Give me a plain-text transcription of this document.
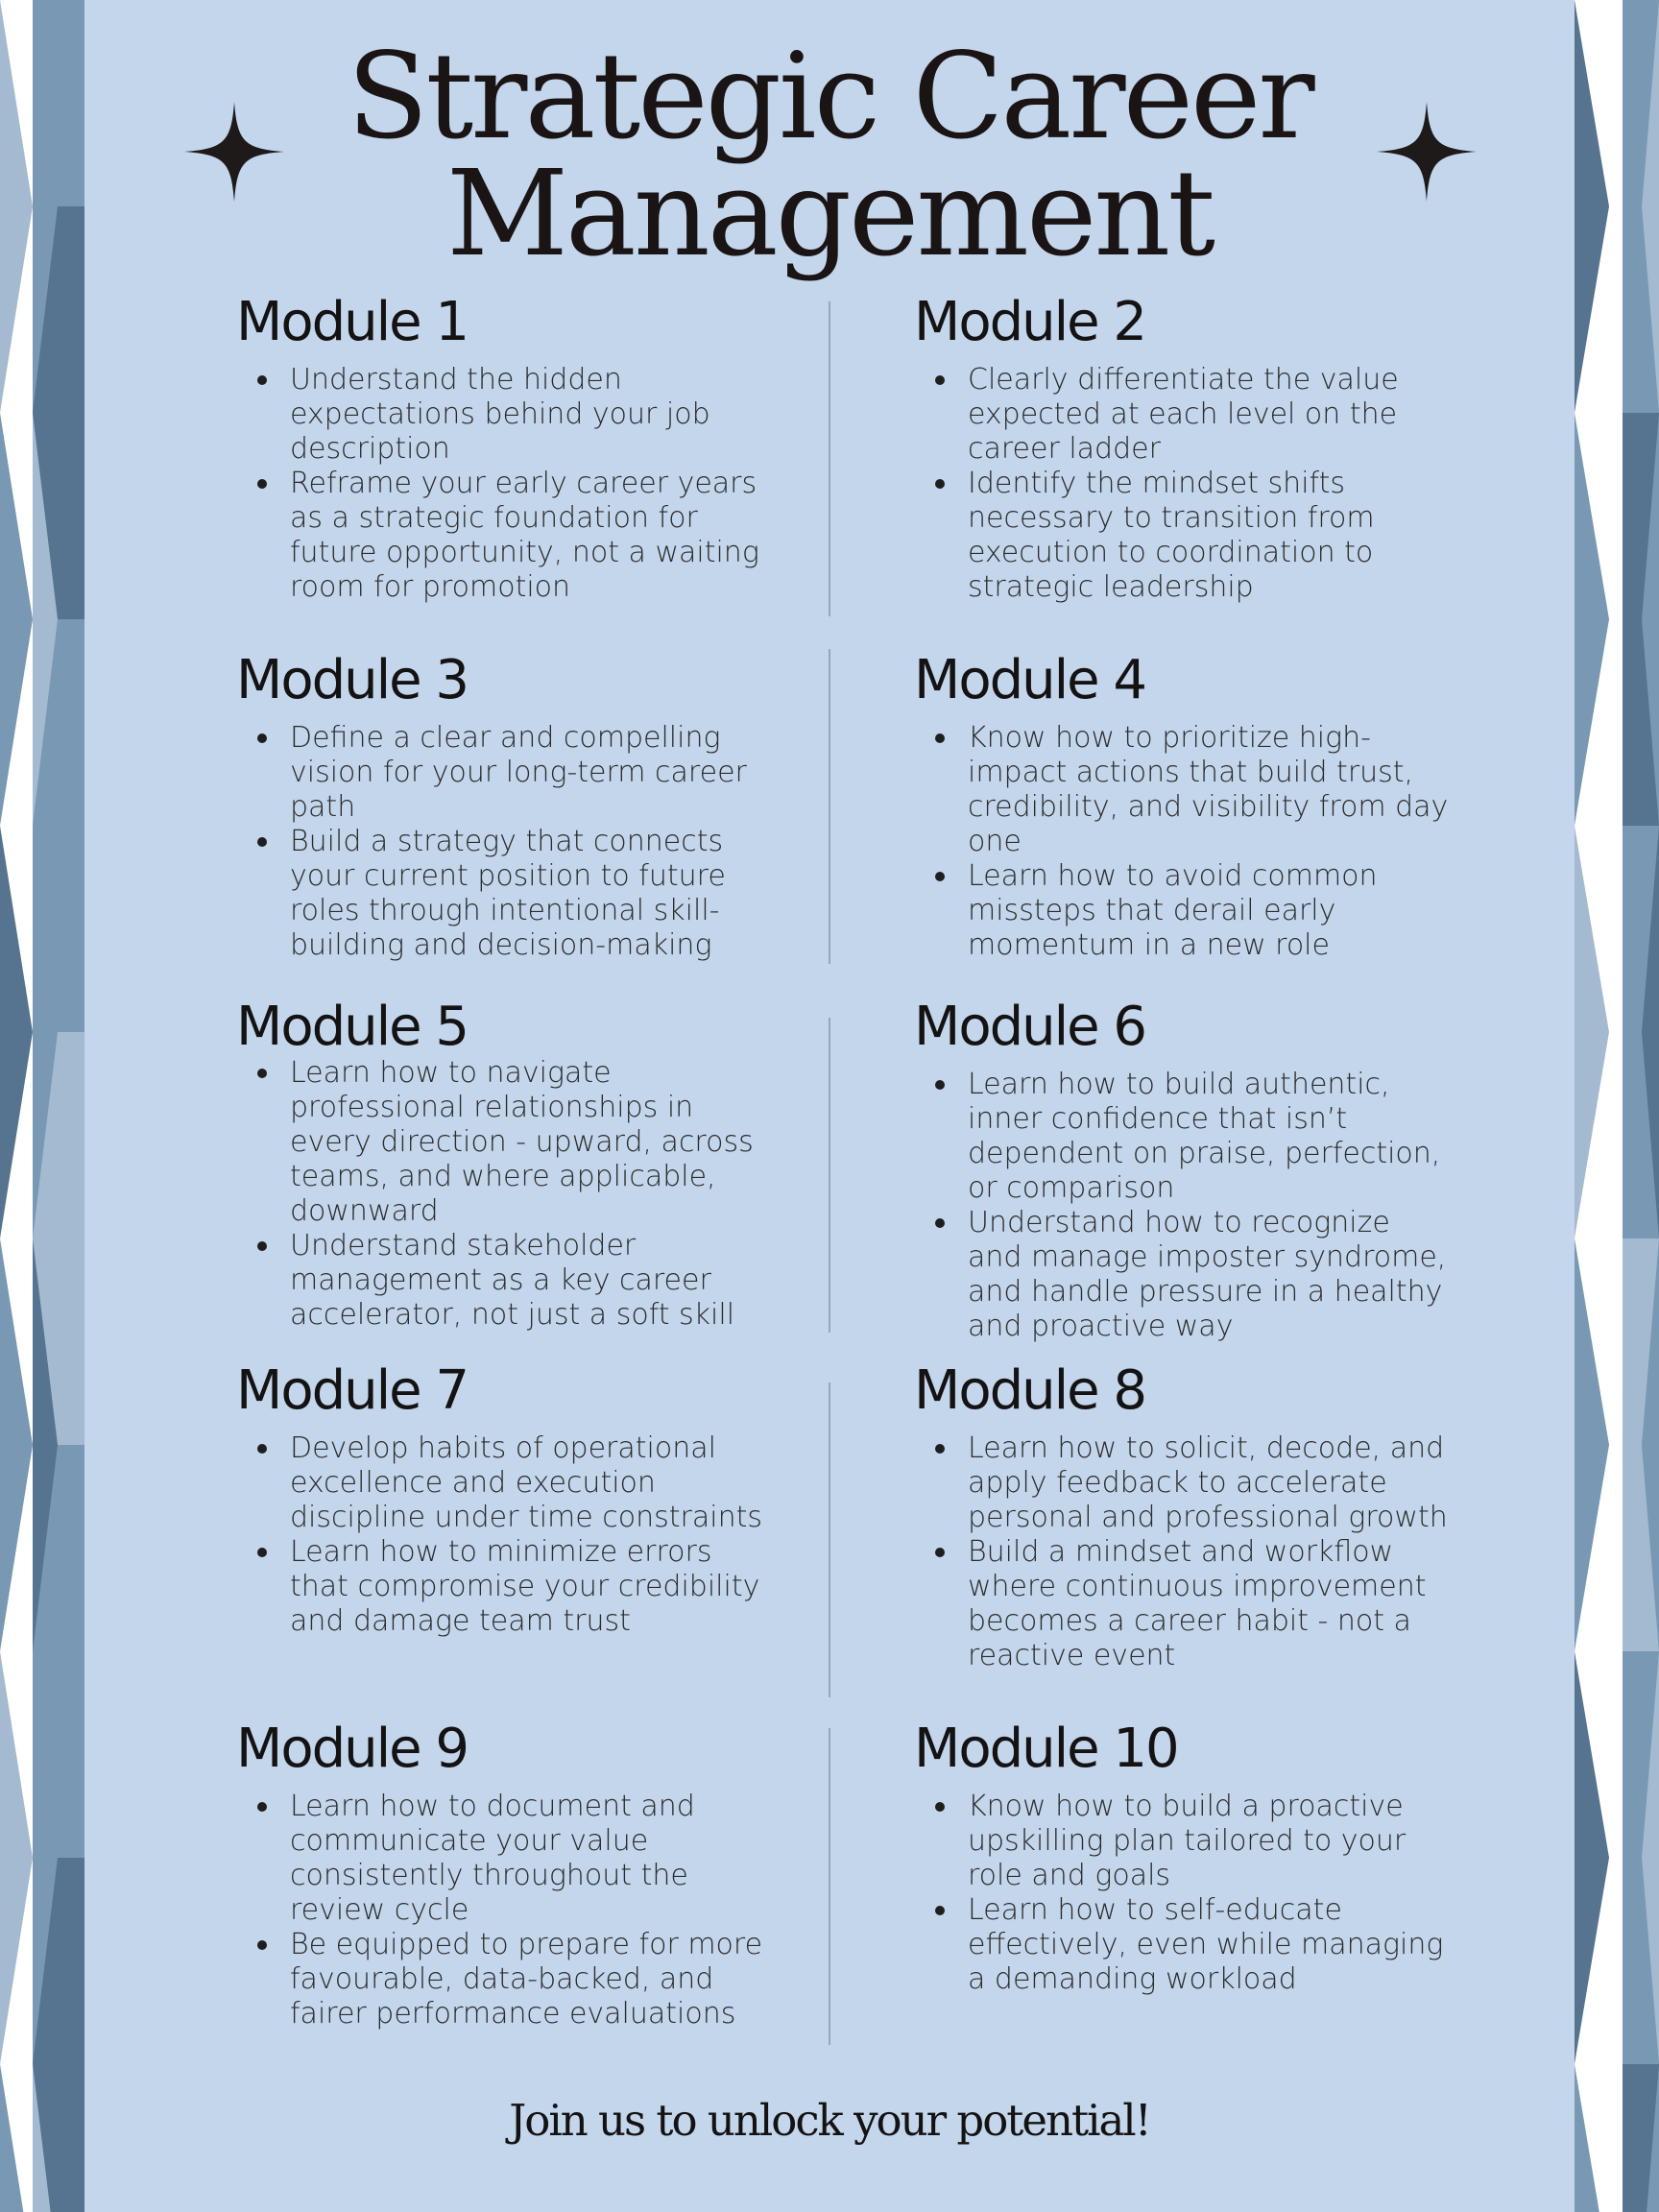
Strategic Career
Management
Module 1
Understand the hidden expectations behind your job description
Reframe your early career years as a strategic foundation for future opportunity, not a waiting room for promotion
Module 2
Clearly differentiate the value expected at each level on the career ladder
Identify the mindset shifts necessary to transition from execution to coordination to strategic leadership
Module 3
Define a clear and compelling vision for your long-term career path
Build a strategy that connects your current position to future roles through intentional skill-building and decision-making
Module 4
Know how to prioritize high-impact actions that build trust, credibility, and visibility from day one
Learn how to avoid common missteps that derail early momentum in a new role
Module 5
Learn how to navigate professional relationships in every direction - upward, across teams, and where applicable, downward
Understand stakeholder management as a key career accelerator, not just a soft skill
Module 6
Learn how to build authentic, inner confidence that isn’t dependent on praise, perfection, or comparison
Understand how to recognize and manage imposter syndrome, and handle pressure in a healthy and proactive way
Module 7
Develop habits of operational excellence and execution discipline under time constraints
Learn how to minimize errors that compromise your credibility and damage team trust
Module 8
Learn how to solicit, decode, and apply feedback to accelerate personal and professional growth
Build a mindset and workflow where continuous improvement becomes a career habit - not a reactive event
Module 9
Learn how to document and communicate your value consistently throughout the review cycle
Be equipped to prepare for more favourable, data-backed, and fairer performance evaluations
Module 10
Know how to build a proactive upskilling plan tailored to your role and goals
Learn how to self-educate effectively, even while managing a demanding workload

Join us to unlock your potential!
